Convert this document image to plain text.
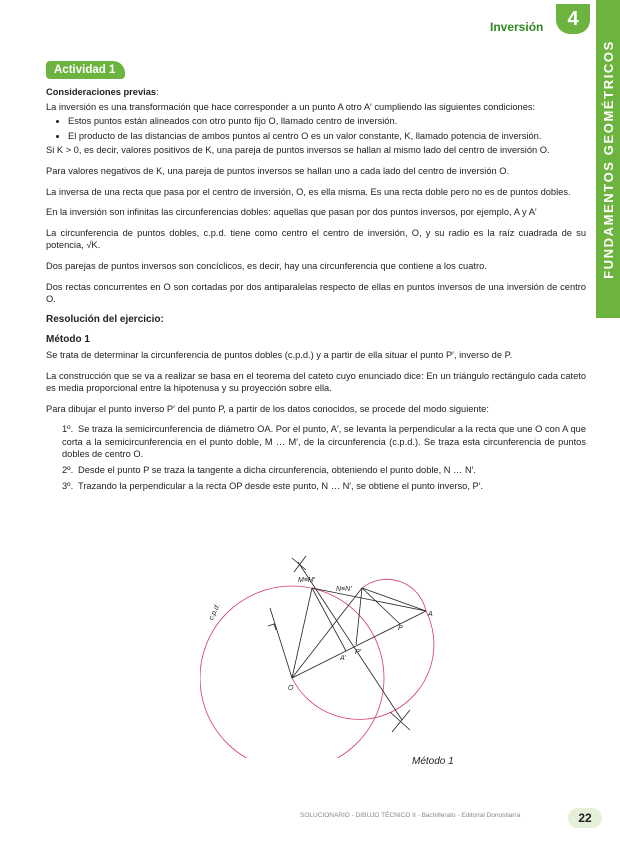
Inversión	4
FUNDAMENTOS GEOMÉTRICOS
Actividad 1

Consideraciones previas:

La inversión es una transformación que hace corresponder a un punto A otro A′ cumpliendo las siguientes condiciones:

• Estos puntos están alineados con otro punto fijo O, llamado centro de inversión.
• El producto de las distancias de ambos puntos al centro O es un valor constante, K, llamado potencia de inversión.

Si K > 0, es decir, valores positivos de K, una pareja de puntos inversos se hallan al mismo lado del centro de inversión O.

Para valores negativos de K, una pareja de puntos inversos se hallan uno a cada lado del centro de inversión O.

La inversa de una recta que pasa por el centro de inversión, O, es ella misma. Es una recta doble pero no es de puntos dobles.

En la inversión son infinitas las circunferencias dobles: aquellas que pasan por dos puntos inversos, por ejemplo, A y A′

La circunferencia de puntos dobles, c.p.d. tiene como centro el centro de inversión, O, y su radio es la raíz cuadrada de su potencia, √K.

Dos parejas de puntos inversos son concíclicos, es decir, hay una circunferencia que contiene a los cuatro.

Dos rectas concurrentes en O son cortadas por dos antiparalelas respecto de ellas en puntos inversos de una inversión de centro O.

Resolución del ejercicio:
Método 1

Se trata de determinar la circunferencia de puntos dobles (c.p.d.) y a partir de ella situar el punto P′, inverso de P.

La construcción que se va a realizar se basa en el teorema del cateto cuyo enunciado dice: En un triángulo rectángulo cada cateto es media proporcional entre la hipotenusa y su proyección sobre ella.

Para dibujar el punto inverso P′ del punto P, a partir de los datos conocidos, se procede del modo siguiente:

1º. Se traza la semicircunferencia de diámetro OA. Por el punto, A′, se levanta la perpendicular a la recta que une O con A que corta a la semicircunferencia en el punto doble, M … M′, de la circunferencia (c.p.d.). Se traza esta circunferencia de puntos dobles de centro O.
2º. Desde el punto P se traza la tangente a dicha circunferencia, obteniendo el punto doble, N … N′.
3º. Trazando la perpendicular a la recta OP desde este punto, N … N′, se obtiene el punto inverso, P′.
O
A
A′
P
P′
M≡M′
N≡N′
c.p.d.
Método 1
SOLUCIONARIO - DIBUJO TÉCNICO II - Bachillerato - Editorial Donostiarra	22
